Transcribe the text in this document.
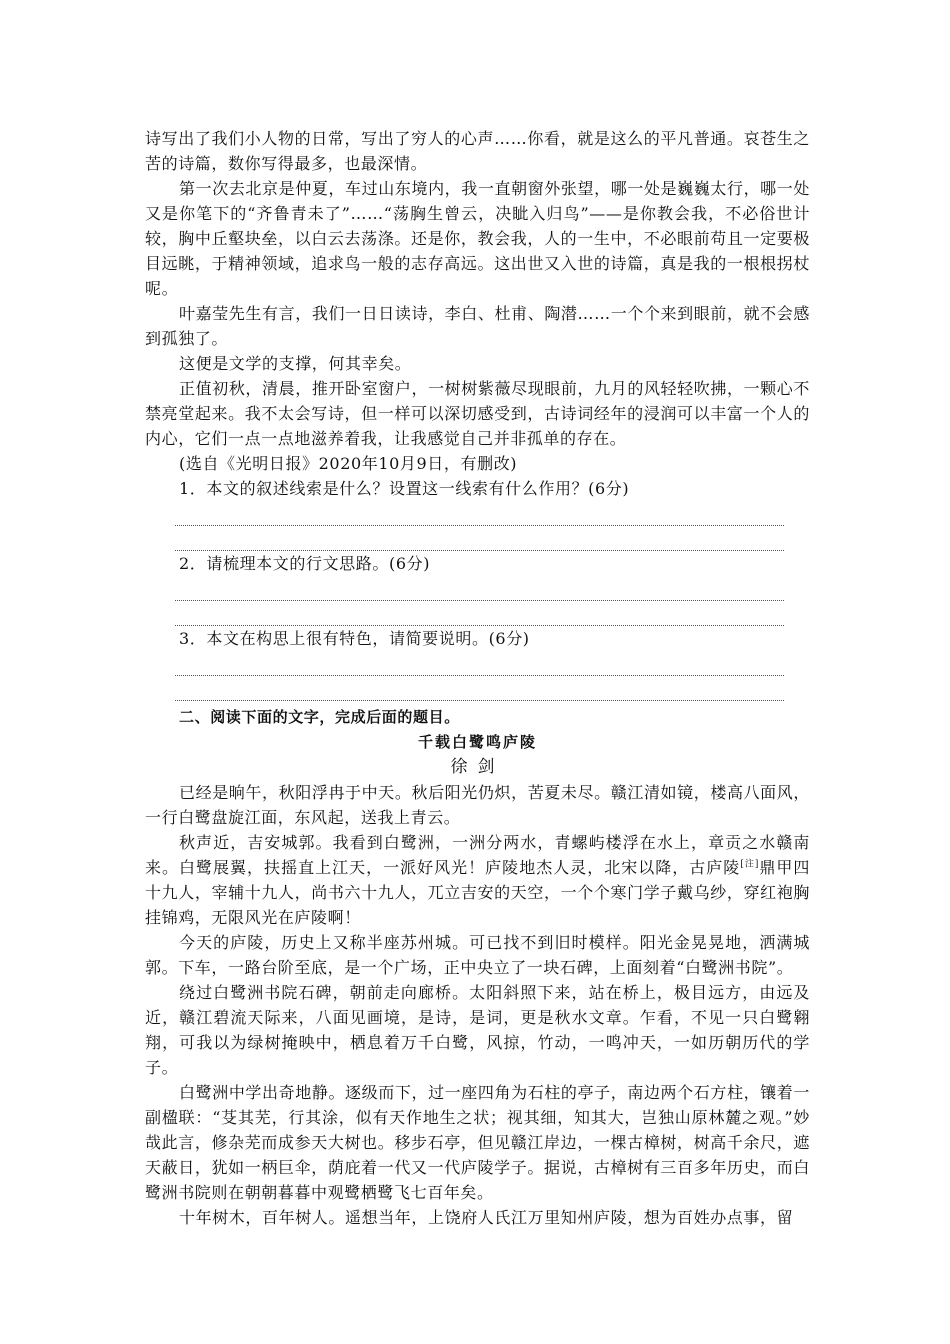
诗写出了我们小人物的日常，写出了穷人的心声……你看，就是这么的平凡普通。哀苍生之苦的诗篇，数你写得最多，也最深情。

第一次去北京是仲夏，车过山东境内，我一直朝窗外张望，哪一处是巍巍太行，哪一处又是你笔下的“齐鲁青未了”……“荡胸生曾云，决眦入归鸟”——是你教会我，不必俗世计较，胸中丘壑块垒，以白云去荡涤。还是你，教会我，人的一生中，不必眼前苟且一定要极目远眺，于精神领域，追求鸟一般的志存高远。这出世又入世的诗篇，真是我的一根根拐杖呢。

叶嘉莹先生有言，我们一日日读诗，李白、杜甫、陶潜……一个个来到眼前，就不会感到孤独了。

这便是文学的支撑，何其幸矣。

正值初秋，清晨，推开卧室窗户，一树树紫薇尽现眼前，九月的风轻轻吹拂，一颗心不禁亮堂起来。我不太会写诗，但一样可以深切感受到，古诗词经年的浸润可以丰富一个人的内心，它们一点一点地滋养着我，让我感觉自己并非孤单的存在。

(选自《光明日报》2020年10月9日，有删改)

1．本文的叙述线索是什么？设置这一线索有什么作用？(6分)

2．请梳理本文的行文思路。(6分)

3．本文在构思上很有特色，请简要说明。(6分)

二、阅读下面的文字，完成后面的题目。

千载白鹭鸣庐陵

徐剑

已经是晌午，秋阳浮冉于中天。秋后阳光仍炽，苦夏未尽。赣江清如镜，楼高八面风，一行白鹭盘旋江面，东风起，送我上青云。

秋声近，吉安城郭。我看到白鹭洲，一洲分两水，青螺屿楼浮在水上，章贡之水赣南来。白鹭展翼，扶摇直上江天，一派好风光！庐陵地杰人灵，北宋以降，古庐陵[注]鼎甲四十九人，宰辅十九人，尚书六十九人，兀立吉安的天空，一个个寒门学子戴乌纱，穿红袍胸挂锦鸡，无限风光在庐陵啊！

今天的庐陵，历史上又称半座苏州城。可已找不到旧时模样。阳光金晃晃地，洒满城郭。下车，一路台阶至底，是一个广场，正中央立了一块石碑，上面刻着“白鹭洲书院”。

绕过白鹭洲书院石碑，朝前走向廊桥。太阳斜照下来，站在桥上，极目远方，由远及近，赣江碧流天际来，八面见画境，是诗，是词，更是秋水文章。乍看，不见一只白鹭翱翔，可我以为绿树掩映中，栖息着万千白鹭，风掠，竹动，一鸣冲天，一如历朝历代的学子。

白鹭洲中学出奇地静。逐级而下，过一座四角为石柱的亭子，南边两个石方柱，镶着一副楹联：“芟其芜，行其涂，似有天作地生之状；视其细，知其大，岂独山原林麓之观。”妙哉此言，修杂芜而成参天大树也。移步石亭，但见赣江岸边，一棵古樟树，树高千余尺，遮天蔽日，犹如一柄巨伞，荫庇着一代又一代庐陵学子。据说，古樟树有三百多年历史，而白鹭洲书院则在朝朝暮暮中观鹭栖鹭飞七百年矣。

十年树木，百年树人。遥想当年，上饶府人氏江万里知州庐陵，想为百姓办点事，留
